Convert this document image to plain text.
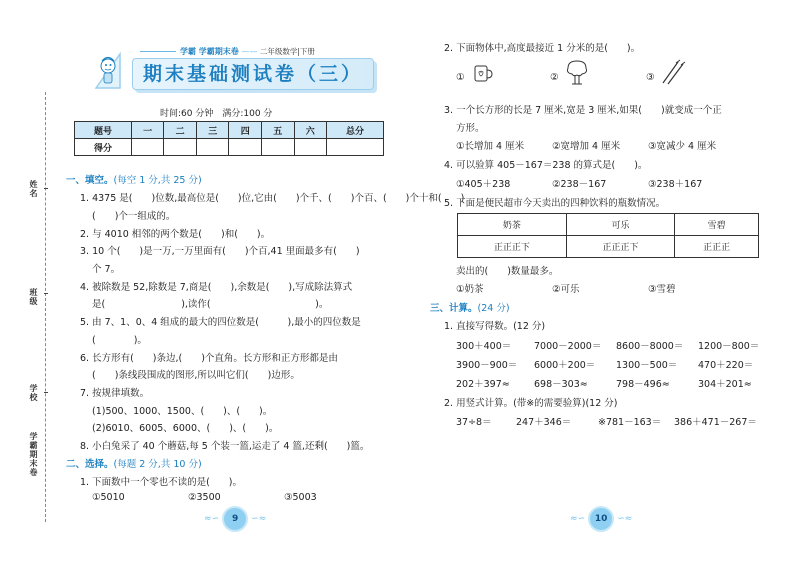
姓名
班级
学校
学霸期末卷
学霸 学霸期末卷 —— 二年级数学|下册
期末基础测试卷（三）
时间:60 分钟　满分:100 分
题号	一	二	三	四	五	六	总分
得分							
一、填空。(每空 1 分,共 25 分)
1. 4375 是(　　)位数,最高位是(　　)位,它由(　　)个千、(　　)个百、(　　)个十和(　　)
(　　)个一组成的。
2. 与 4010 相邻的两个数是(　　)和(　　)。
3. 10 个(　　)是一万,一万里面有(　　)个百,41 里面最多有(　　)
个 7。
4. 被除数是 52,除数是 7,商是(　　),余数是(　　),写成除法算式
是(　　　　　　　　),读作(　　　　　　　　　　　)。
5. 由 7、1、0、4 组成的最大的四位数是(　　　),最小的四位数是
(　　　　)。
6. 长方形有(　　)条边,(　　)个直角。长方形和正方形都是由
(　　)条线段围成的图形,所以叫它们(　　)边形。
7. 按规律填数。
(1)500、1000、1500、(　　)、(　　)。
(2)6010、6005、6000、(　　)、(　　)。
8. 小白兔采了 40 个蘑菇,每 5 个装一篮,运走了 4 篮,还剩(　　)篮。
二、选择。(每题 2 分,共 10 分)
1. 下面数中一个零也不读的是(　　)。
①5010	②3500	③5003
≈∽ 9 ∽≈
2. 下面物体中,高度最接近 1 分米的是(　　)。
①	②	③
3. 一个长方形的长是 7 厘米,宽是 3 厘米,如果(　　)就变成一个正
方形。
①长增加 4 厘米	②宽增加 4 厘米	③宽减少 4 厘米
4. 可以验算 405－167＝238 的算式是(　　)。
①405＋238	②238－167	③238＋167
5. 下面是便民超市今天卖出的四种饮料的瓶数情况。
奶茶	可乐	雪碧
正正正下	正正正下	正正正
卖出的(　　)数量最多。
①奶茶	②可乐	③雪碧
三、计算。(24 分)
1. 直接写得数。(12 分)
300＋400＝ 7000－2000＝ 8600－8000＝ 1200－800＝
3900－900＝ 6000＋200＝ 1300－500＝ 470＋220＝
202＋397≈	698－303≈	798－496≈	304＋201≈
2. 用竖式计算。(带※的需要验算)(12 分)
37÷8＝	247＋346＝	※781－163＝ 386＋471－267＝
≈∽ 10 ∽≈
